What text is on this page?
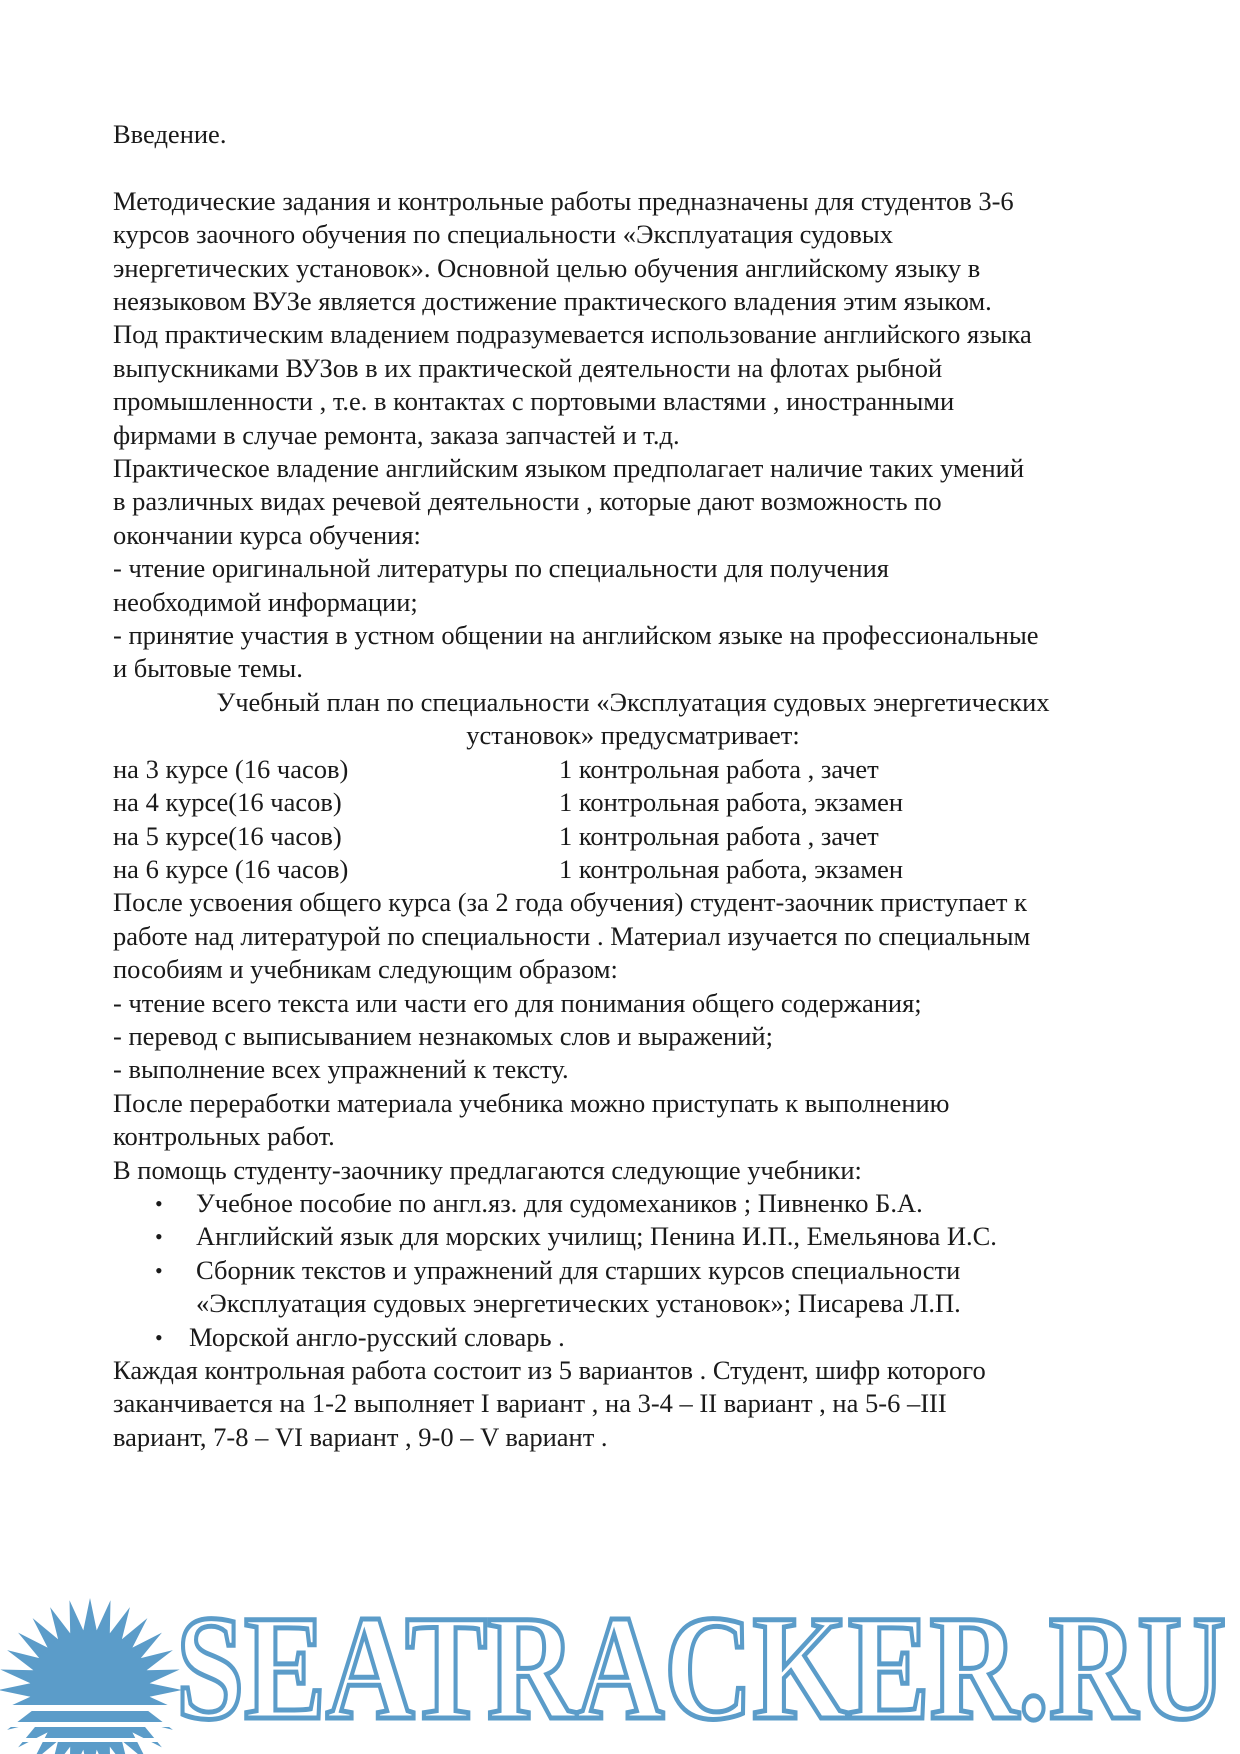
Введение.

Методические задания и контрольные работы предназначены для студентов 3-6

курсов заочного обучения по специальности «Эксплуатация судовых

энергетических установок». Основной целью обучения английскому языку в

неязыковом ВУЗе является достижение практического владения этим языком.

Под практическим владением подразумевается использование английского языка

выпускниками ВУЗов в их практической деятельности на флотах рыбной

промышленности , т.е. в контактах с портовыми властями , иностранными

фирмами в случае ремонта, заказа запчастей и т.д.

Практическое владение английским языком предполагает наличие таких умений

в различных видах речевой деятельности , которые дают возможность по

окончании курса обучения:

- чтение оригинальной литературы по специальности для получения

необходимой информации;

- принятие участия в устном общении на английском языке на профессиональные

и бытовые темы.

Учебный план по специальности «Эксплуатация судовых энергетических

установок» предусматривает:

на 3 курсе (16 часов)	1 контрольная работа , зачет
на 4 курсе(16 часов)	1 контрольная работа, экзамен
на 5 курсе(16 часов)	1 контрольная работа , зачет
на 6 курсе (16 часов)	1 контрольная работа, экзамен

После усвоения общего курса (за 2 года обучения) студент-заочник приступает к

работе над литературой по специальности . Материал изучается по специальным

пособиям и учебникам следующим образом:

- чтение всего текста или части его для понимания общего содержания;

- перевод с выписыванием незнакомых слов и выражений;

- выполнение всех упражнений к тексту.

После переработки материала учебника можно приступать к выполнению

контрольных работ.

В помощь студенту-заочнику предлагаются следующие учебники:

• Учебное пособие по англ.яз. для судомехаников ; Пивненко Б.А.
• Английский язык для морских училищ; Пенина И.П., Емельянова И.С.
• Сборник текстов и упражнений для старших курсов специальности
«Эксплуатация судовых энергетических установок»; Писарева Л.П.
• Морской англо-русский словарь .

Каждая контрольная работа состоит из 5 вариантов . Студент, шифр которого

заканчивается на 1-2 выполняет I вариант , на 3-4 – II вариант , на 5-6 –III

вариант, 7-8 – VI вариант , 9-0 – V вариант .

SEATRACKER.RU
